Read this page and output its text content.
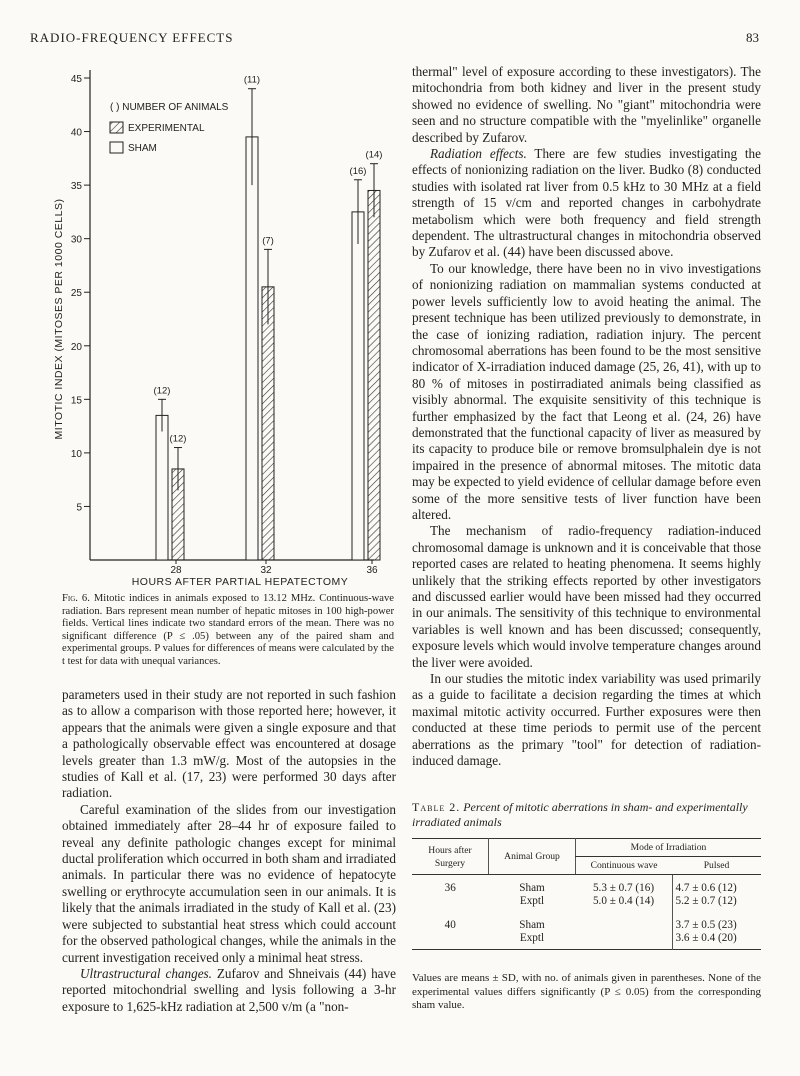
RADIO-FREQUENCY EFFECTS	83
5
10
15
20
25
30
35
40
45
MITOTIC INDEX (MITOSES PER 1000 CELLS)
28	32	36
HOURS AFTER PARTIAL HEPATECTOMY
(12)
(12)
(11)
(7)
(16)
(14)
( ) NUMBER OF ANIMALS
EXPERIMENTAL
SHAM
Fig. 6. Mitotic indices in animals exposed to 13.12 MHz. Continuous-wave radiation. Bars represent mean number of hepatic mitoses in 100 high-power fields. Vertical lines indicate two standard errors of the mean. There was no significant difference (P ≤ .05) between any of the paired sham and experimental groups. P values for differences of means were calculated by the t test for data with unequal variances.

parameters used in their study are not reported in such fashion as to allow a comparison with those reported here; however, it appears that the animals were given a single exposure and that a pathologically observable effect was encountered at dosage levels greater than 1.3 mW/g. Most of the autopsies in the studies of Kall et al. (17, 23) were performed 30 days after radiation.

Careful examination of the slides from our investigation obtained immediately after 28–44 hr of exposure failed to reveal any definite pathologic changes except for minimal ductal proliferation which occurred in both sham and irradiated animals. In particular there was no evidence of hepatocyte swelling or erythrocyte accumulation seen in our animals. It is likely that the animals irradiated in the study of Kall et al. (23) were subjected to substantial heat stress which could account for the observed pathological changes, while the animals in the current investigation received only a minimal heat stress.

Ultrastructural changes. Zufarov and Shneivais (44) have reported mitochondrial swelling and lysis following a 3-hr exposure to 1,625-kHz radiation at 2,500 v/m (a "non-

thermal" level of exposure according to these investigators). The mitochondria from both kidney and liver in the present study showed no evidence of swelling. No "giant" mitochondria were seen and no structure compatible with the "myelinlike" organelle described by Zufarov.

Radiation effects. There are few studies investigating the effects of nonionizing radiation on the liver. Budko (8) conducted studies with isolated rat liver from 0.5 kHz to 30 MHz at a field strength of 15 v/cm and reported changes in carbohydrate metabolism which were both frequency and field strength dependent. The ultrastructural changes in mitochondria observed by Zufarov et al. (44) have been discussed above.

To our knowledge, there have been no in vivo investigations of nonionizing radiation on mammalian systems conducted at power levels sufficiently low to avoid heating the animal. The present technique has been utilized previously to demonstrate, in the case of ionizing radiation, radiation injury. The percent chromosomal aberrations has been found to be the most sensitive indicator of X-irradiation induced damage (25, 26, 41), with up to 80 % of mitoses in postirradiated animals being classified as visibly abnormal. The exquisite sensitivity of this technique is further emphasized by the fact that Leong et al. (24, 26) have demonstrated that the functional capacity of liver as measured by its capacity to produce bile or remove bromsulphalein dye is not impaired in the presence of abnormal mitoses. The mitotic data may be expected to yield evidence of cellular damage before even some of the more sensitive tests of liver function have been altered.

The mechanism of radio-frequency radiation-induced chromosomal damage is unknown and it is conceivable that those reported cases are related to heating phenomena. It seems highly unlikely that the striking effects reported by other investigators and discussed earlier would have been missed had they occurred in our animals. The sensitivity of this technique to environmental variables is well known and has been discussed; consequently, exposure levels which would involve temperature changes around the liver were avoided.

In our studies the mitotic index variability was used primarily as a guide to facilitate a decision regarding the times at which maximal mitotic activity occurred. Further exposures were then conducted at these time periods to permit use of the percent aberrations as the primary "tool" for detection of radiation-induced damage.

Table 2. Percent of mitotic aberrations in sham- and experimentally irradiated animals
Hours after Surgery	Animal Group	Mode of Irradiation	
		Continuous wave	Pulsed
36	Sham	5.3 ± 0.7 (16)	4.7 ± 0.6 (12)
	Exptl	5.0 ± 0.4 (14)	5.2 ± 0.7 (12)
40	Sham		3.7 ± 0.5 (23)
	Exptl		3.6 ± 0.4 (20)
Values are means ± SD, with no. of animals given in parentheses. None of the experimental values differs significantly (P ≤ 0.05) from the corresponding sham value.
